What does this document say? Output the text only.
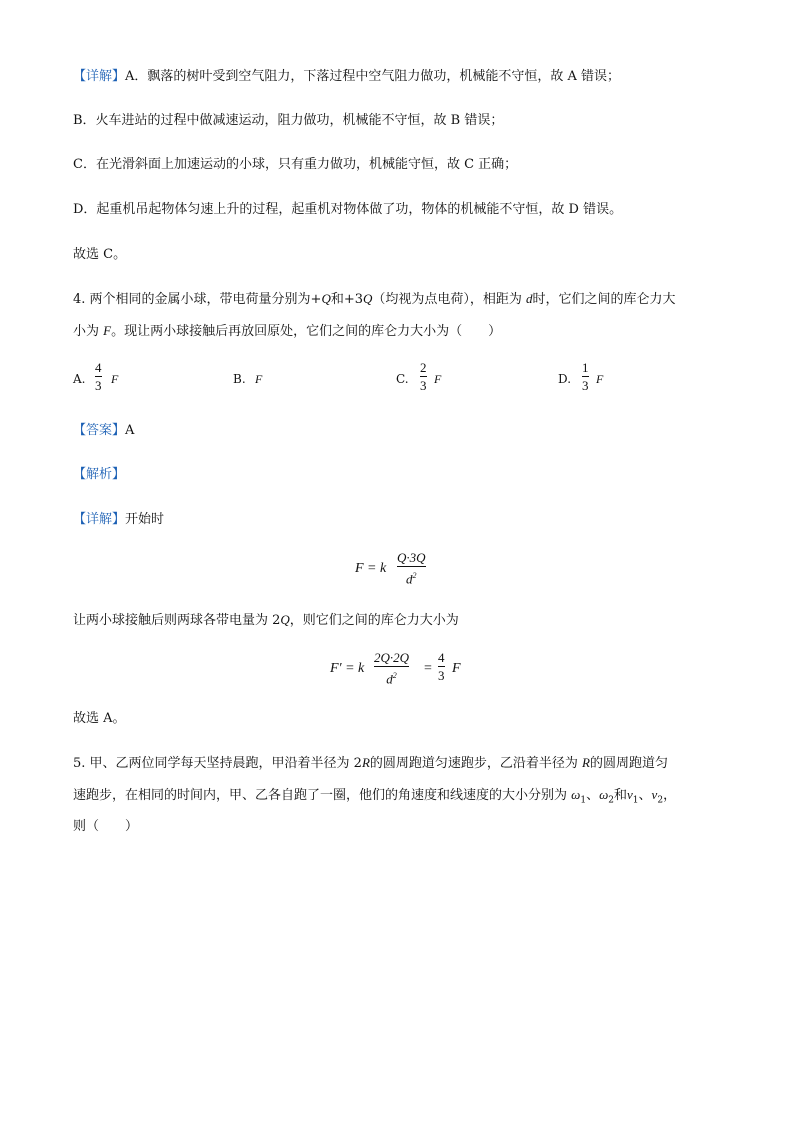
【详解】A．飘落的树叶受到空气阻力，下落过程中空气阻力做功，机械能不守恒，故 A 错误；
B．火车进站的过程中做减速运动，阻力做功，机械能不守恒，故 B 错误；
C．在光滑斜面上加速运动的小球，只有重力做功，机械能守恒，故 C 正确；
D．起重机吊起物体匀速上升的过程，起重机对物体做了功，物体的机械能不守恒，故 D 错误。
故选 C。
4. 两个相同的金属小球，带电荷量分别为+Q和+3Q（均视为点电荷），相距为 d时，它们之间的库仑力大
小为 F。现让两小球接触后再放回原处，它们之间的库仑力大小为（　　）
A.
4
3 F	B. F	C.
2
3 F	D.
1
3 F
【答案】A
【解析】
【详解】开始时
F = k
Q·3Q
$d^2$
让两小球接触后则两球各带电量为 2Q，则它们之间的库仑力大小为
F′ = k
2Q·2Q
$d^2$	=
4
3 F
故选 A。
5. 甲、乙两位同学每天坚持晨跑，甲沿着半径为 2R的圆周跑道匀速跑步，乙沿着半径为 R的圆周跑道匀
速跑步，在相同的时间内，甲、乙各自跑了一圈，他们的角速度和线速度的大小分别为 $\omega_1$、$\omega_2$和$v_1$、$v_2$，
则（　　）
